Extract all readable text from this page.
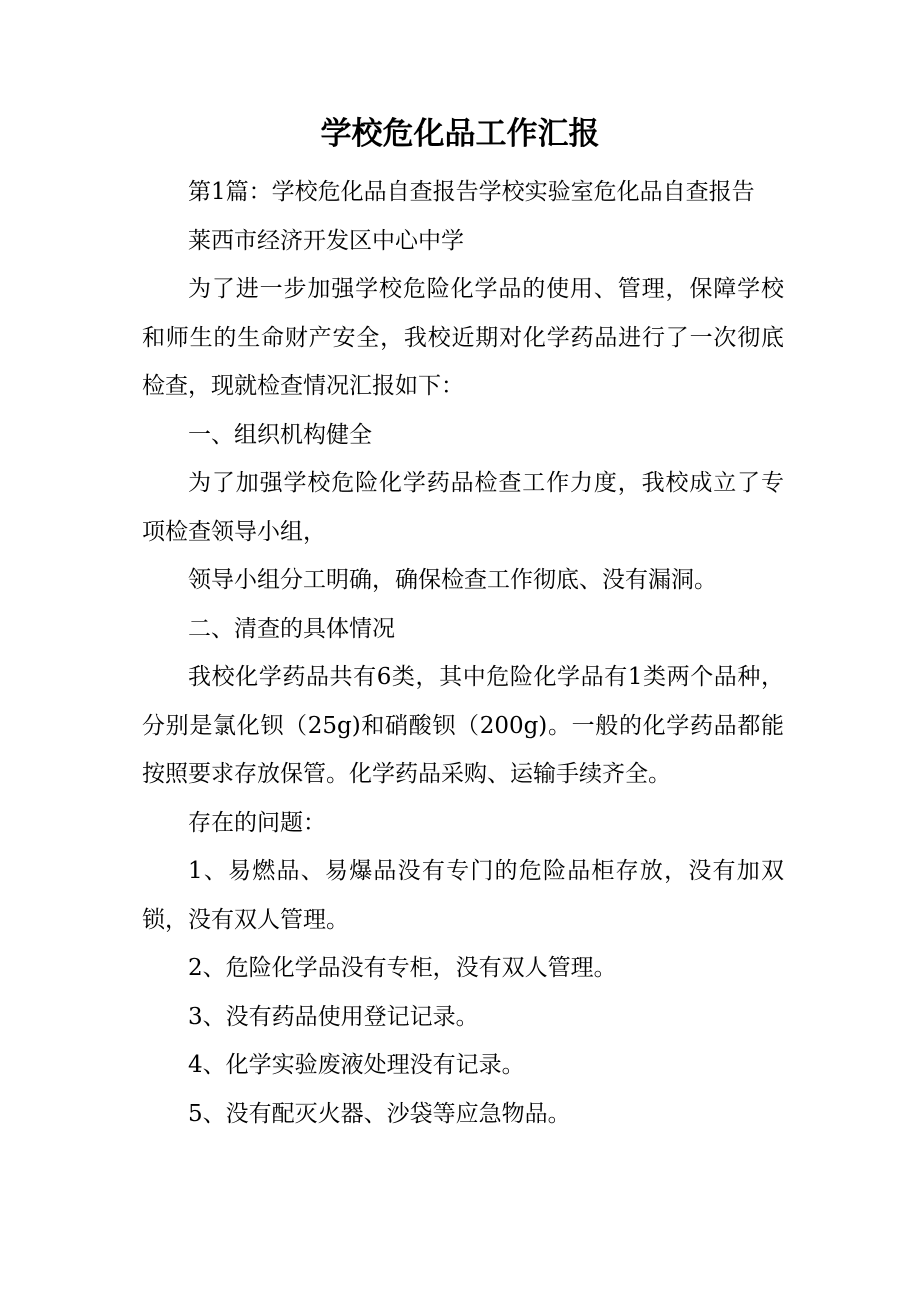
学校危化品工作汇报

第1篇：学校危化品自查报告学校实验室危化品自查报告

莱西市经济开发区中心中学

为了进一步加强学校危险化学品的使用、管理，保障学校和师生的生命财产安全，我校近期对化学药品进行了一次彻底检查，现就检查情况汇报如下：

一、组织机构健全

为了加强学校危险化学药品检查工作力度，我校成立了专项检查领导小组，

领导小组分工明确，确保检查工作彻底、没有漏洞。

二、清查的具体情况

我校化学药品共有6类，其中危险化学品有1类两个品种，分别是氯化钡（25g)和硝酸钡（200g)。一般的化学药品都能按照要求存放保管。化学药品采购、运输手续齐全。

存在的问题：

1、易燃品、易爆品没有专门的危险品柜存放，没有加双锁，没有双人管理。

2、危险化学品没有专柜，没有双人管理。

3、没有药品使用登记记录。

4、化学实验废液处理没有记录。

5、没有配灭火器、沙袋等应急物品。
